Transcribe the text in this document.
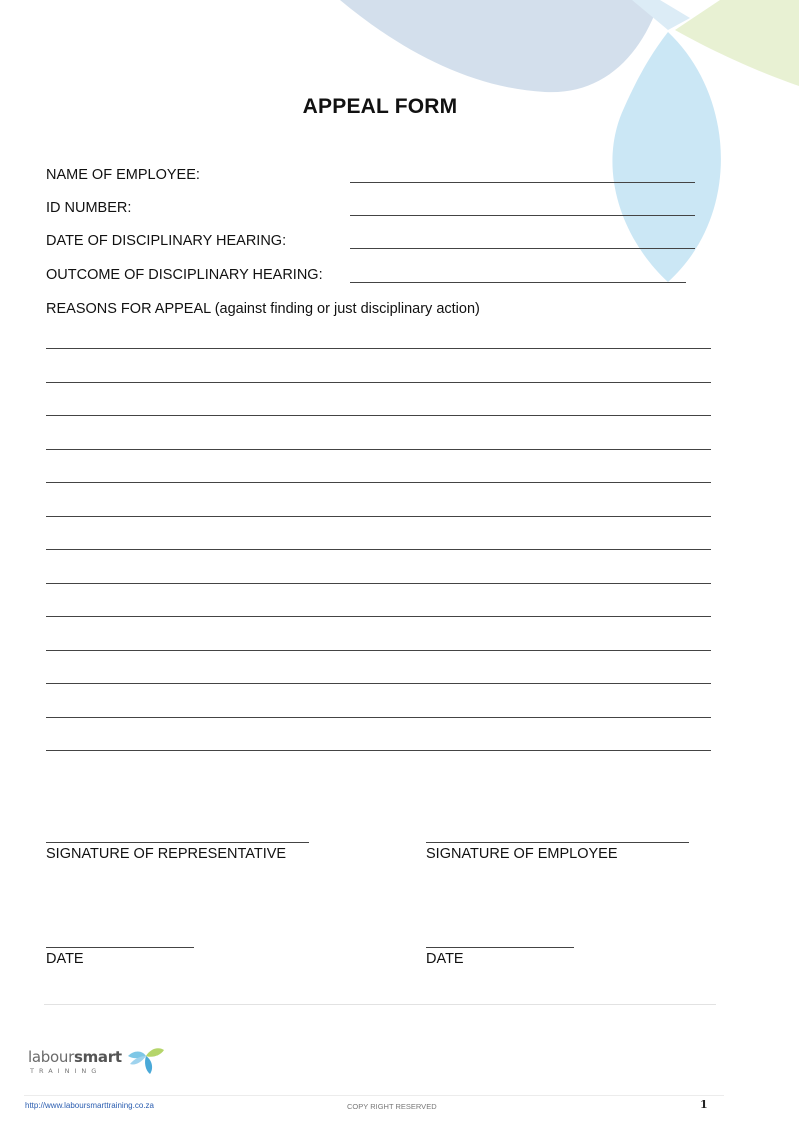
APPEAL FORM
NAME OF EMPLOYEE:
ID NUMBER:
DATE OF DISCIPLINARY HEARING:
OUTCOME OF DISCIPLINARY HEARING:
REASONS FOR APPEAL (against finding or just disciplinary action)
SIGNATURE OF REPRESENTATIVE	SIGNATURE OF EMPLOYEE
DATE	DATE
laboursmart
TRAINING
http://www.laboursmarttraining.co.za	COPY RIGHT RESERVED	1
